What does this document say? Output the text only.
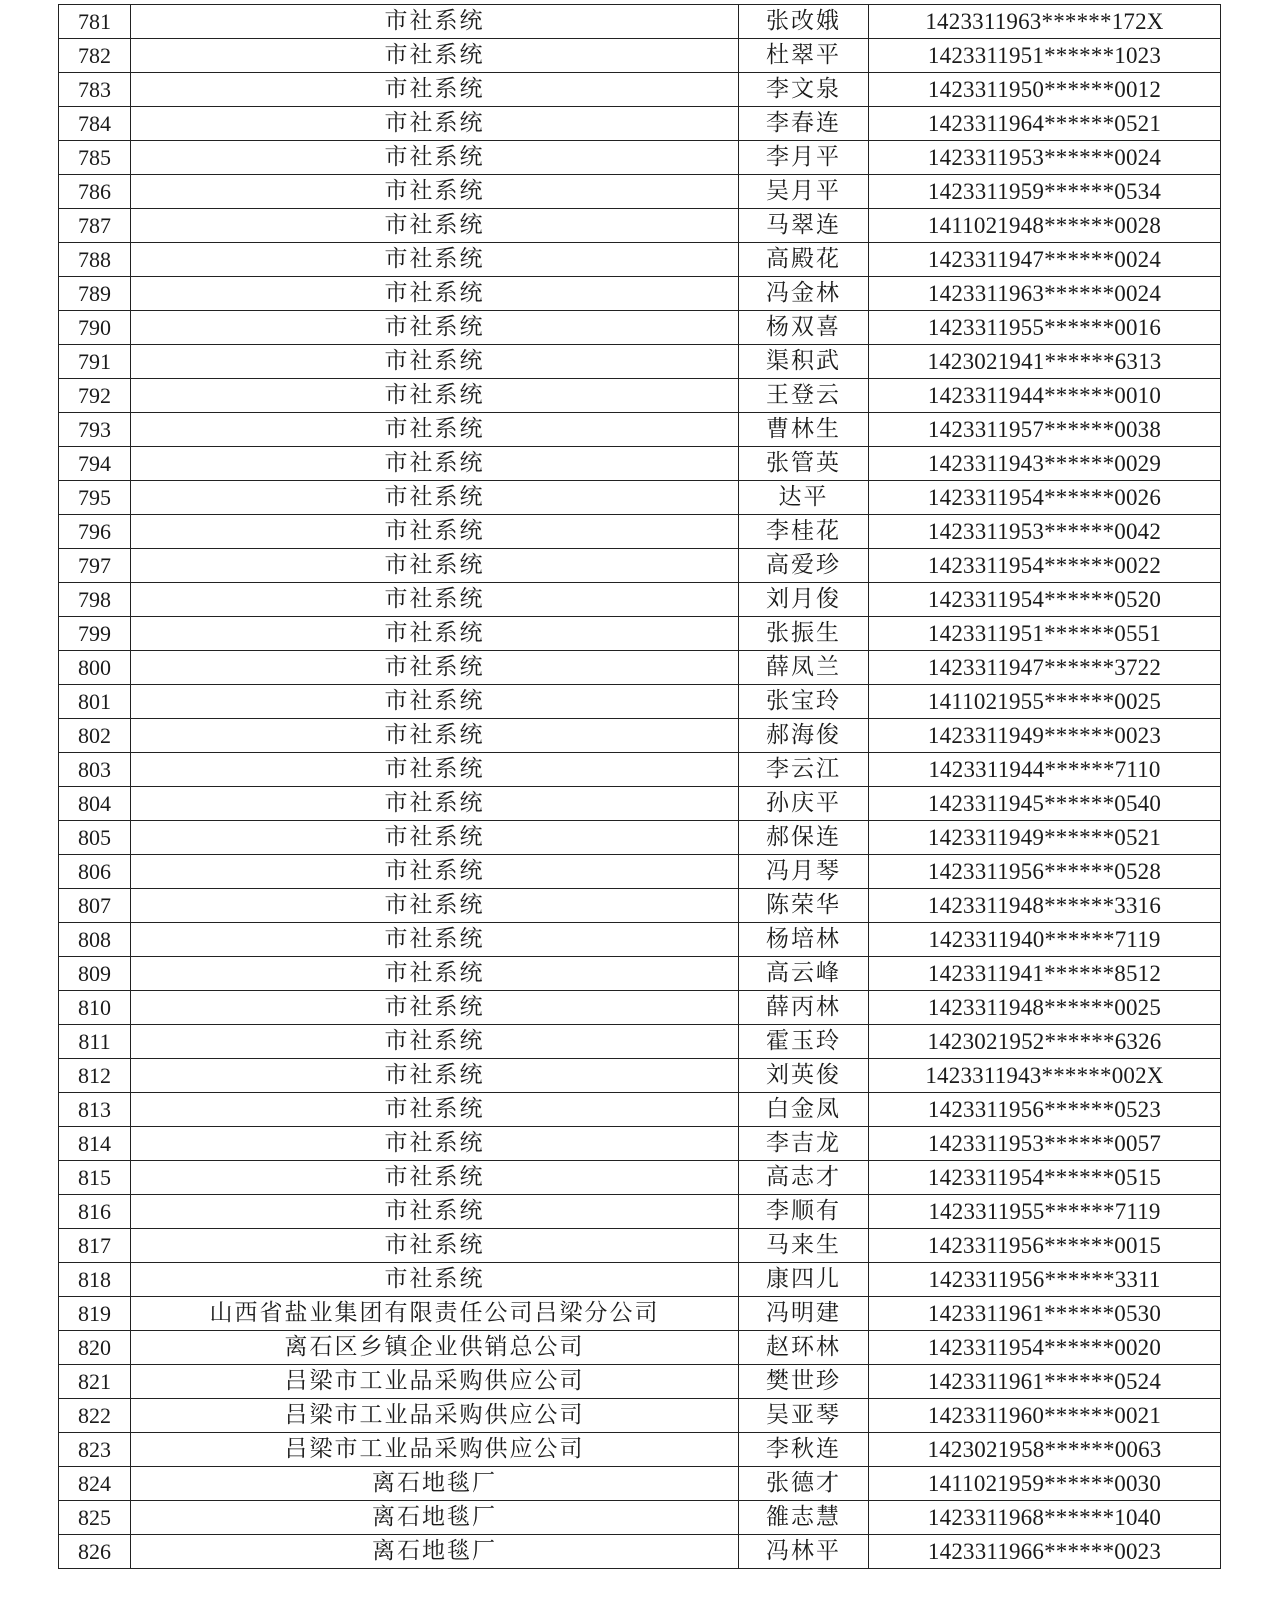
781	市社系统	张改娥	1423311963******172X
782	市社系统	杜翠平	1423311951******1023
783	市社系统	李文泉	1423311950******0012
784	市社系统	李春连	1423311964******0521
785	市社系统	李月平	1423311953******0024
786	市社系统	吴月平	1423311959******0534
787	市社系统	马翠连	1411021948******0028
788	市社系统	高殿花	1423311947******0024
789	市社系统	冯金林	1423311963******0024
790	市社系统	杨双喜	1423311955******0016
791	市社系统	渠积武	1423021941******6313
792	市社系统	王登云	1423311944******0010
793	市社系统	曹林生	1423311957******0038
794	市社系统	张管英	1423311943******0029
795	市社系统	达平	1423311954******0026
796	市社系统	李桂花	1423311953******0042
797	市社系统	高爱珍	1423311954******0022
798	市社系统	刘月俊	1423311954******0520
799	市社系统	张振生	1423311951******0551
800	市社系统	薛凤兰	1423311947******3722
801	市社系统	张宝玲	1411021955******0025
802	市社系统	郝海俊	1423311949******0023
803	市社系统	李云江	1423311944******7110
804	市社系统	孙庆平	1423311945******0540
805	市社系统	郝保连	1423311949******0521
806	市社系统	冯月琴	1423311956******0528
807	市社系统	陈荣华	1423311948******3316
808	市社系统	杨培林	1423311940******7119
809	市社系统	高云峰	1423311941******8512
810	市社系统	薛丙林	1423311948******0025
811	市社系统	霍玉玲	1423021952******6326
812	市社系统	刘英俊	1423311943******002X
813	市社系统	白金凤	1423311956******0523
814	市社系统	李吉龙	1423311953******0057
815	市社系统	高志才	1423311954******0515
816	市社系统	李顺有	1423311955******7119
817	市社系统	马来生	1423311956******0015
818	市社系统	康四儿	1423311956******3311
819	山西省盐业集团有限责任公司吕梁分公司	冯明建	1423311961******0530
820	离石区乡镇企业供销总公司	赵环林	1423311954******0020
821	吕梁市工业品采购供应公司	樊世珍	1423311961******0524
822	吕梁市工业品采购供应公司	吴亚琴	1423311960******0021
823	吕梁市工业品采购供应公司	李秋连	1423021958******0063
824	离石地毯厂	张德才	1411021959******0030
825	离石地毯厂	雒志慧	1423311968******1040
826	离石地毯厂	冯林平	1423311966******0023
